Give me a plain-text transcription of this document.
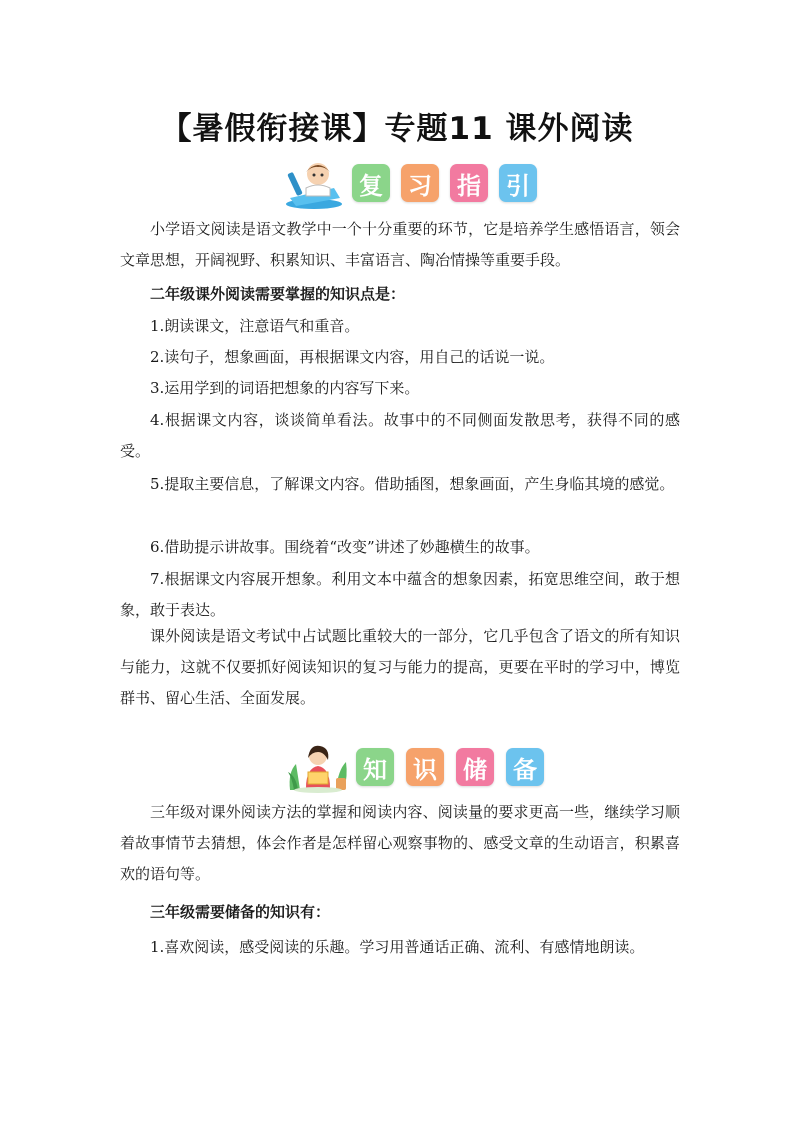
【暑假衔接课】专题11 课外阅读
复 习 指 引

小学语文阅读是语文教学中一个十分重要的环节，它是培养学生感悟语言，领会文章思想，开阔视野、积累知识、丰富语言、陶冶情操等重要手段。

二年级课外阅读需要掌握的知识点是：

1.朗读课文，注意语气和重音。

2.读句子，想象画面，再根据课文内容，用自己的话说一说。

3.运用学到的词语把想象的内容写下来。

4.根据课文内容，谈谈简单看法。故事中的不同侧面发散思考，获得不同的感受。

5.提取主要信息，了解课文内容。借助插图，想象画面，产生身临其境的感觉。

6.借助提示讲故事。围绕着“改变”讲述了妙趣横生的故事。

7.根据课文内容展开想象。利用文本中蕴含的想象因素，拓宽思维空间，敢于想象，敢于表达。

课外阅读是语文考试中占试题比重较大的一部分，它几乎包含了语文的所有知识与能力，这就不仅要抓好阅读知识的复习与能力的提高，更要在平时的学习中，博览群书、留心生活、全面发展。

知 识 储 备

三年级对课外阅读方法的掌握和阅读内容、阅读量的要求更高一些，继续学习顺着故事情节去猜想，体会作者是怎样留心观察事物的、感受文章的生动语言，积累喜欢的语句等。

三年级需要储备的知识有：

1.喜欢阅读，感受阅读的乐趣。学习用普通话正确、流利、有感情地朗读。
